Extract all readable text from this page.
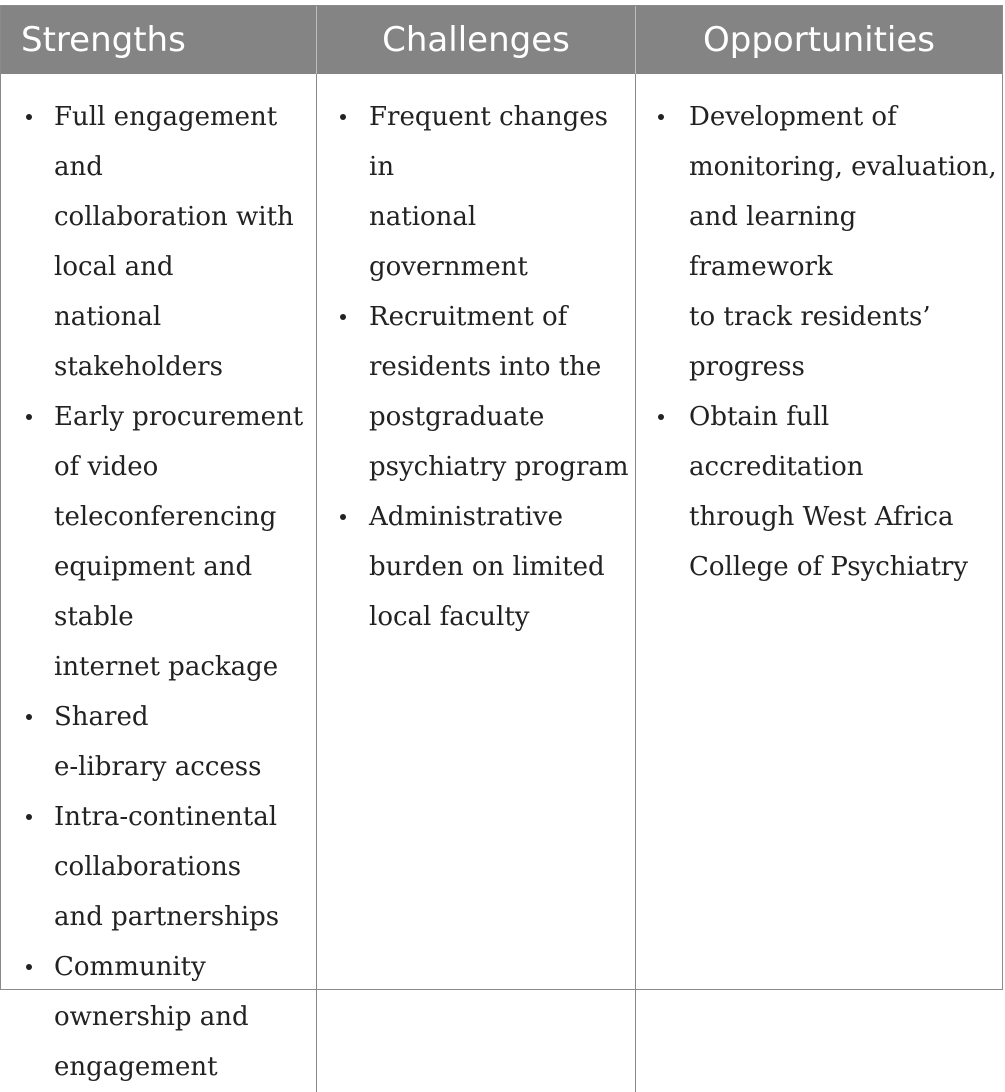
Strengths	Challenges	Opportunities
Full engagement and
collaboration with
local and
national stakeholders
Early procurement
of video
teleconferencing
equipment and
stable
internet package
Shared
e-library access
Intra-continental
collaborations
and partnerships
Community
ownership and
engagement
Frequent changes in
national government
Recruitment of
residents into the
postgraduate
psychiatry program
Administrative
burden on limited
local faculty
Development of
monitoring, evaluation,
and learning framework
to track residents’
progress
Obtain full accreditation
through West Africa
College of Psychiatry
